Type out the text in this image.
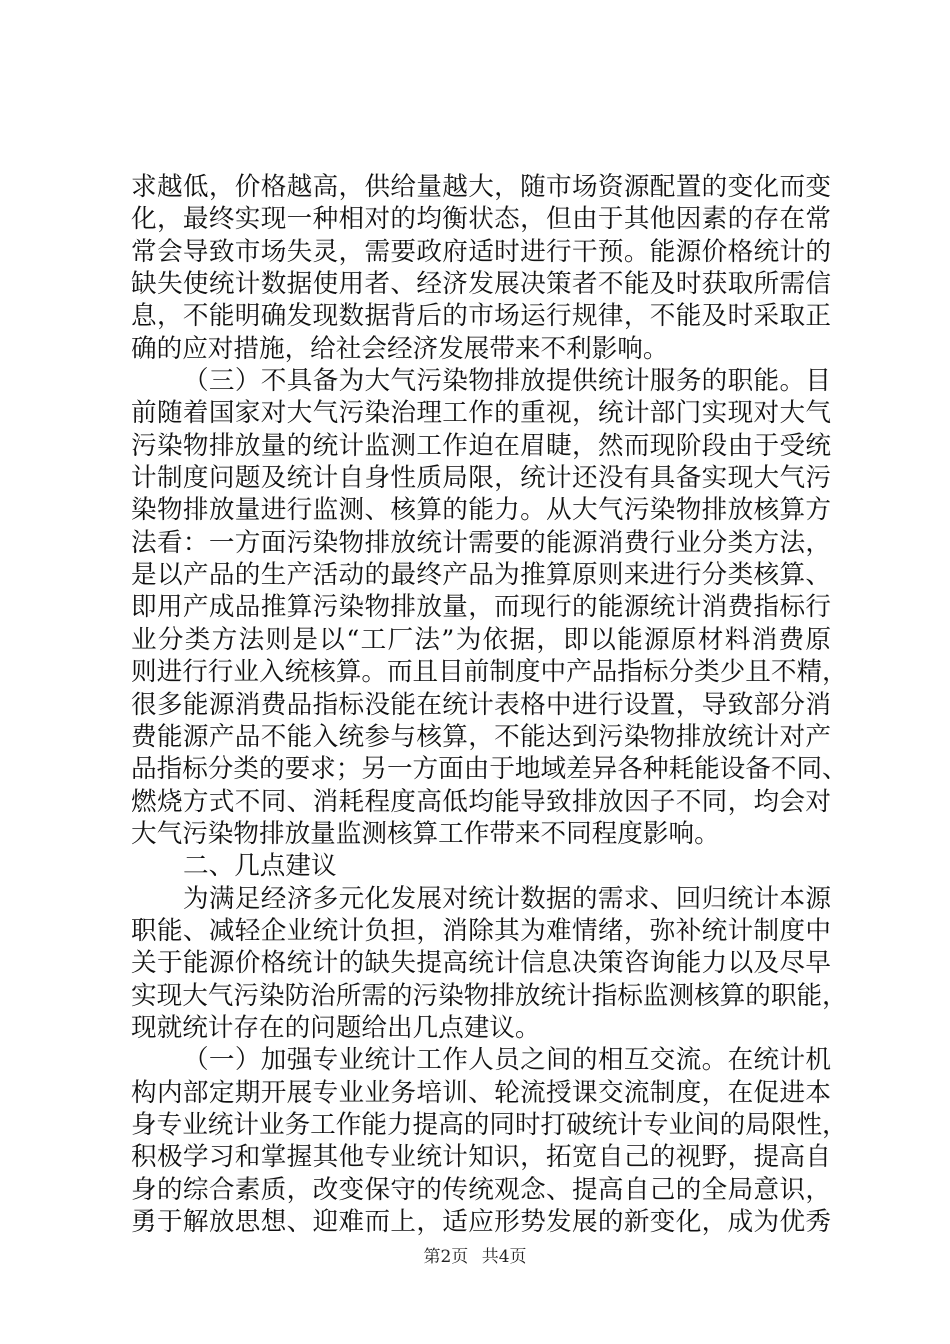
求越低，价格越高，供给量越大，随市场资源配置的变化而变
化，最终实现一种相对的均衡状态，但由于其他因素的存在常
常会导致市场失灵，需要政府适时进行干预。能源价格统计的
缺失使统计数据使用者、经济发展决策者不能及时获取所需信
息，不能明确发现数据背后的市场运行规律，不能及时采取正
确的应对措施，给社会经济发展带来不利影响。
（三）不具备为大气污染物排放提供统计服务的职能。目
前随着国家对大气污染治理工作的重视，统计部门实现对大气
污染物排放量的统计监测工作迫在眉睫，然而现阶段由于受统
计制度问题及统计自身性质局限，统计还没有具备实现大气污
染物排放量进行监测、核算的能力。从大气污染物排放核算方
法看：一方面污染物排放统计需要的能源消费行业分类方法，
是以产品的生产活动的最终产品为推算原则来进行分类核算、
即用产成品推算污染物排放量，而现行的能源统计消费指标行
业分类方法则是以“工厂法”为依据，即以能源原材料消费原
则进行行业入统核算。而且目前制度中产品指标分类少且不精，
很多能源消费品指标没能在统计表格中进行设置，导致部分消
费能源产品不能入统参与核算，不能达到污染物排放统计对产
品指标分类的要求；另一方面由于地域差异各种耗能设备不同、
燃烧方式不同、消耗程度高低均能导致排放因子不同，均会对
大气污染物排放量监测核算工作带来不同程度影响。
二、几点建议
为满足经济多元化发展对统计数据的需求、回归统计本源
职能、减轻企业统计负担，消除其为难情绪，弥补统计制度中
关于能源价格统计的缺失提高统计信息决策咨询能力以及尽早
实现大气污染防治所需的污染物排放统计指标监测核算的职能，
现就统计存在的问题给出几点建议。
（一）加强专业统计工作人员之间的相互交流。在统计机
构内部定期开展专业业务培训、轮流授课交流制度，在促进本
身专业统计业务工作能力提高的同时打破统计专业间的局限性，
积极学习和掌握其他专业统计知识，拓宽自己的视野，提高自
身的综合素质，改变保守的传统观念、提高自己的全局意识，
勇于解放思想、迎难而上，适应形势发展的新变化，成为优秀
第2页 共4页
